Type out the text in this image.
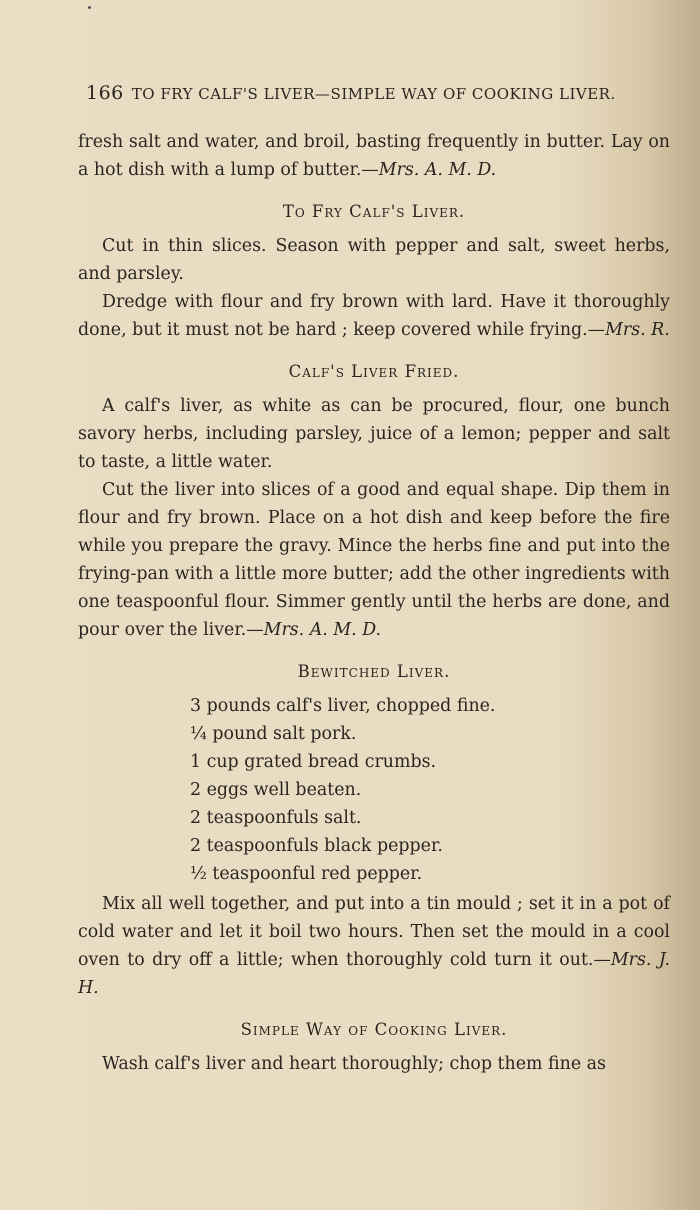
166 TO FRY CALF'S LIVER—SIMPLE WAY OF COOKING LIVER.

fresh salt and water, and broil, basting frequently in butter. Lay on a hot dish with a lump of butter.—Mrs. A. M. D.

To Fry Calf's Liver.

Cut in thin slices. Season with pepper and salt, sweet herbs, and parsley.

Dredge with flour and fry brown with lard. Have it thoroughly done, but it must not be hard ; keep covered while frying.—Mrs. R.

Calf's Liver Fried.

A calf's liver, as white as can be procured, flour, one bunch savory herbs, including parsley, juice of a lemon; pepper and salt to taste, a little water.

Cut the liver into slices of a good and equal shape. Dip them in flour and fry brown. Place on a hot dish and keep before the fire while you prepare the gravy. Mince the herbs fine and put into the frying-pan with a little more butter; add the other ingredients with one teaspoonful flour. Simmer gently until the herbs are done, and pour over the liver.—Mrs. A. M. D.

Bewitched Liver.
3 pounds calf's liver, chopped fine.
¼ pound salt pork.
1 cup grated bread crumbs.
2 eggs well beaten.
2 teaspoonfuls salt.
2 teaspoonfuls black pepper.
½ teaspoonful red pepper.

Mix all well together, and put into a tin mould ; set it in a pot of cold water and let it boil two hours. Then set the mould in a cool oven to dry off a little; when thoroughly cold turn it out.—Mrs. J. H.

Simple Way of Cooking Liver.

Wash calf's liver and heart thoroughly; chop them fine as
